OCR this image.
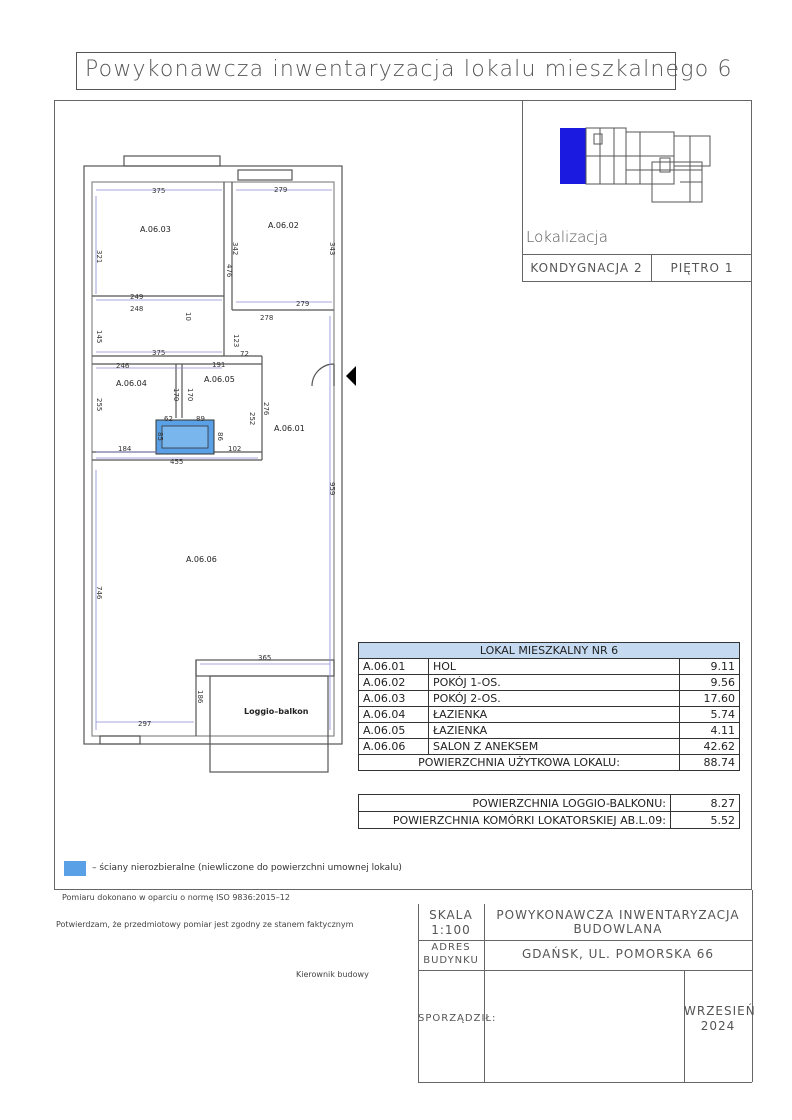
Powykonawcza inwentaryzacja lokalu mieszkalnego 6
Lokalizacja
KONDYGNACJA 2	PIĘTRO 1
375	279
249
248
279
278
375
191
246
72
62	89
184	102
455
365
297
321
342
476
343
10
145	123
170 170
276
255
85	86
252
959
746
186
A.06.03	A.06.02
A.06.04	A.06.05
A.06.01
A.06.06
Loggio–balkon
LOKAL MIESZKALNY NR 6		
A.06.01	HOL	9.11
A.06.02	POKÓJ 1-OS.	9.56
A.06.03	POKÓJ 2-OS.	17.60
A.06.04	ŁAZIENKA	5.74
A.06.05	ŁAZIENKA	4.11
A.06.06	SALON Z ANEKSEM	42.62
POWIERZCHNIA UŻYTKOWA LOKALU:		88.74
POWIERZCHNIA LOGGIO-BALKONU:	8.27
POWIERZCHNIA KOMÓRKI LOKATORSKIEJ AB.L.09:	5.52
– ściany nierozbieralne (niewliczone do powierzchni umownej lokalu)
Pomiaru dokonano w oparciu o normę ISO 9836:2015–12
Potwierdzam, że przedmiotowy pomiar jest zgodny ze stanem faktycznym
Kierownik budowy
SKALA
1:100
POWYKONAWCZA INWENTARYZACJA
BUDOWLANA
ADRES
BUDYNKU	GDAŃSK, UL. POMORSKA 66
SPORZĄDZIŁ:
WRZESIEŃ
2024
